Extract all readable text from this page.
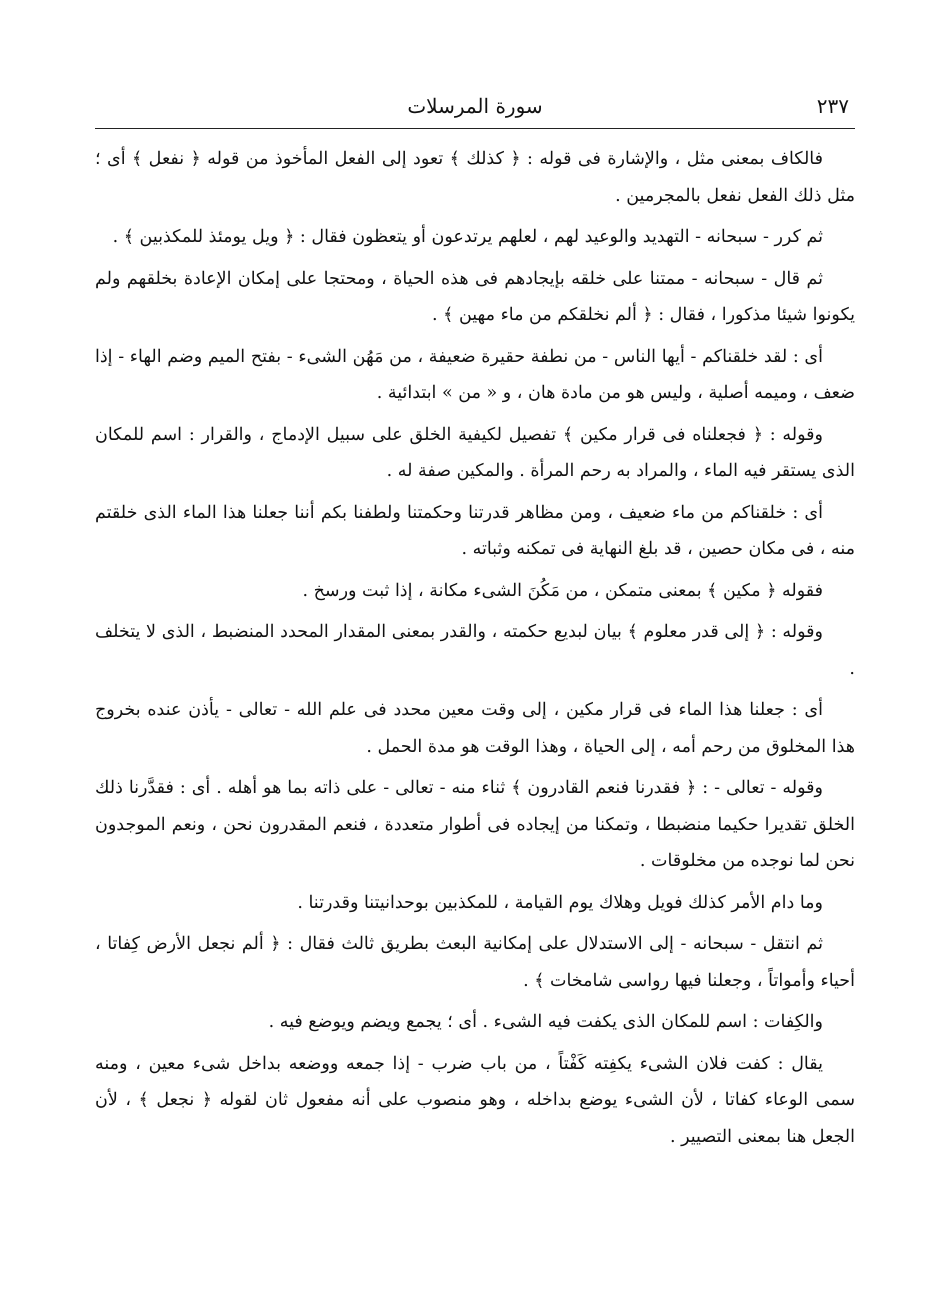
سورة المرسلات	٢٣٧

فالكاف بمعنى مثل ، والإشارة فى قوله : ﴿ كذلك ﴾ تعود إلى الفعل المأخوذ من قوله ﴿ نفعل ﴾ أى ؛ مثل ذلك الفعل نفعل بالمجرمين .

ثم كرر - سبحانه - التهديد والوعيد لهم ، لعلهم يرتدعون أو يتعظون فقال : ﴿ ويل يومئذ للمكذبين ﴾ .

ثم قال - سبحانه - ممتنا على خلقه بإيجادهم فى هذه الحياة ، ومحتجا على إمكان الإعادة بخلقهم ولم يكونوا شيئا مذكورا ، فقال : ﴿ ألم نخلقكم من ماء مهين ﴾ .

أى : لقد خلقناكم - أيها الناس - من نطفة حقيرة ضعيفة ، من مَهُن الشىء - بفتح الميم وضم الهاء - إذا ضعف ، وميمه أصلية ، وليس هو من مادة هان ، و « من » ابتدائية .

وقوله : ﴿ فجعلناه فى قرار مكين ﴾ تفصيل لكيفية الخلق على سبيل الإدماج ، والقرار : اسم للمكان الذى يستقر فيه الماء ، والمراد به رحم المرأة . والمكين صفة له .

أى : خلقناكم من ماء ضعيف ، ومن مظاهر قدرتنا وحكمتنا ولطفنا بكم أننا جعلنا هذا الماء الذى خلقتم منه ، فى مكان حصين ، قد بلغ النهاية فى تمكنه وثباته .

فقوله ﴿ مكين ﴾ بمعنى متمكن ، من مَكُنَ الشىء مكانة ، إذا ثبت ورسخ .

وقوله : ﴿ إلى قدر معلوم ﴾ بيان لبديع حكمته ، والقدر بمعنى المقدار المحدد المنضبط ، الذى لا يتخلف .

أى : جعلنا هذا الماء فى قرار مكين ، إلى وقت معين محدد فى علم الله - تعالى - يأذن عنده بخروج هذا المخلوق من رحم أمه ، إلى الحياة ، وهذا الوقت هو مدة الحمل .

وقوله - تعالى - : ﴿ فقدرنا فنعم القادرون ﴾ ثناء منه - تعالى - على ذاته بما هو أهله . أى : فقدَّرنا ذلك الخلق تقديرا حكيما منضبطا ، وتمكنا من إيجاده فى أطوار متعددة ، فنعم المقدرون نحن ، ونعم الموجدون نحن لما نوجده من مخلوقات .

وما دام الأمر كذلك فويل وهلاك يوم القيامة ، للمكذبين بوحدانيتنا وقدرتنا .

ثم انتقل - سبحانه - إلى الاستدلال على إمكانية البعث بطريق ثالث فقال : ﴿ ألم نجعل الأرض كِفاتا ، أحياء وأمواتاً ، وجعلنا فيها رواسى شامخات ﴾ .

والكِفات : اسم للمكان الذى يكفت فيه الشىء . أى ؛ يجمع ويضم ويوضع فيه .

يقال : كفت فلان الشىء يكفِته كَفْتاً ، من باب ضرب - إذا جمعه ووضعه بداخل شىء معين ، ومنه سمى الوعاء كفاتا ، لأن الشىء يوضع بداخله ، وهو منصوب على أنه مفعول ثان لقوله ﴿ نجعل ﴾ ، لأن الجعل هنا بمعنى التصيير .
